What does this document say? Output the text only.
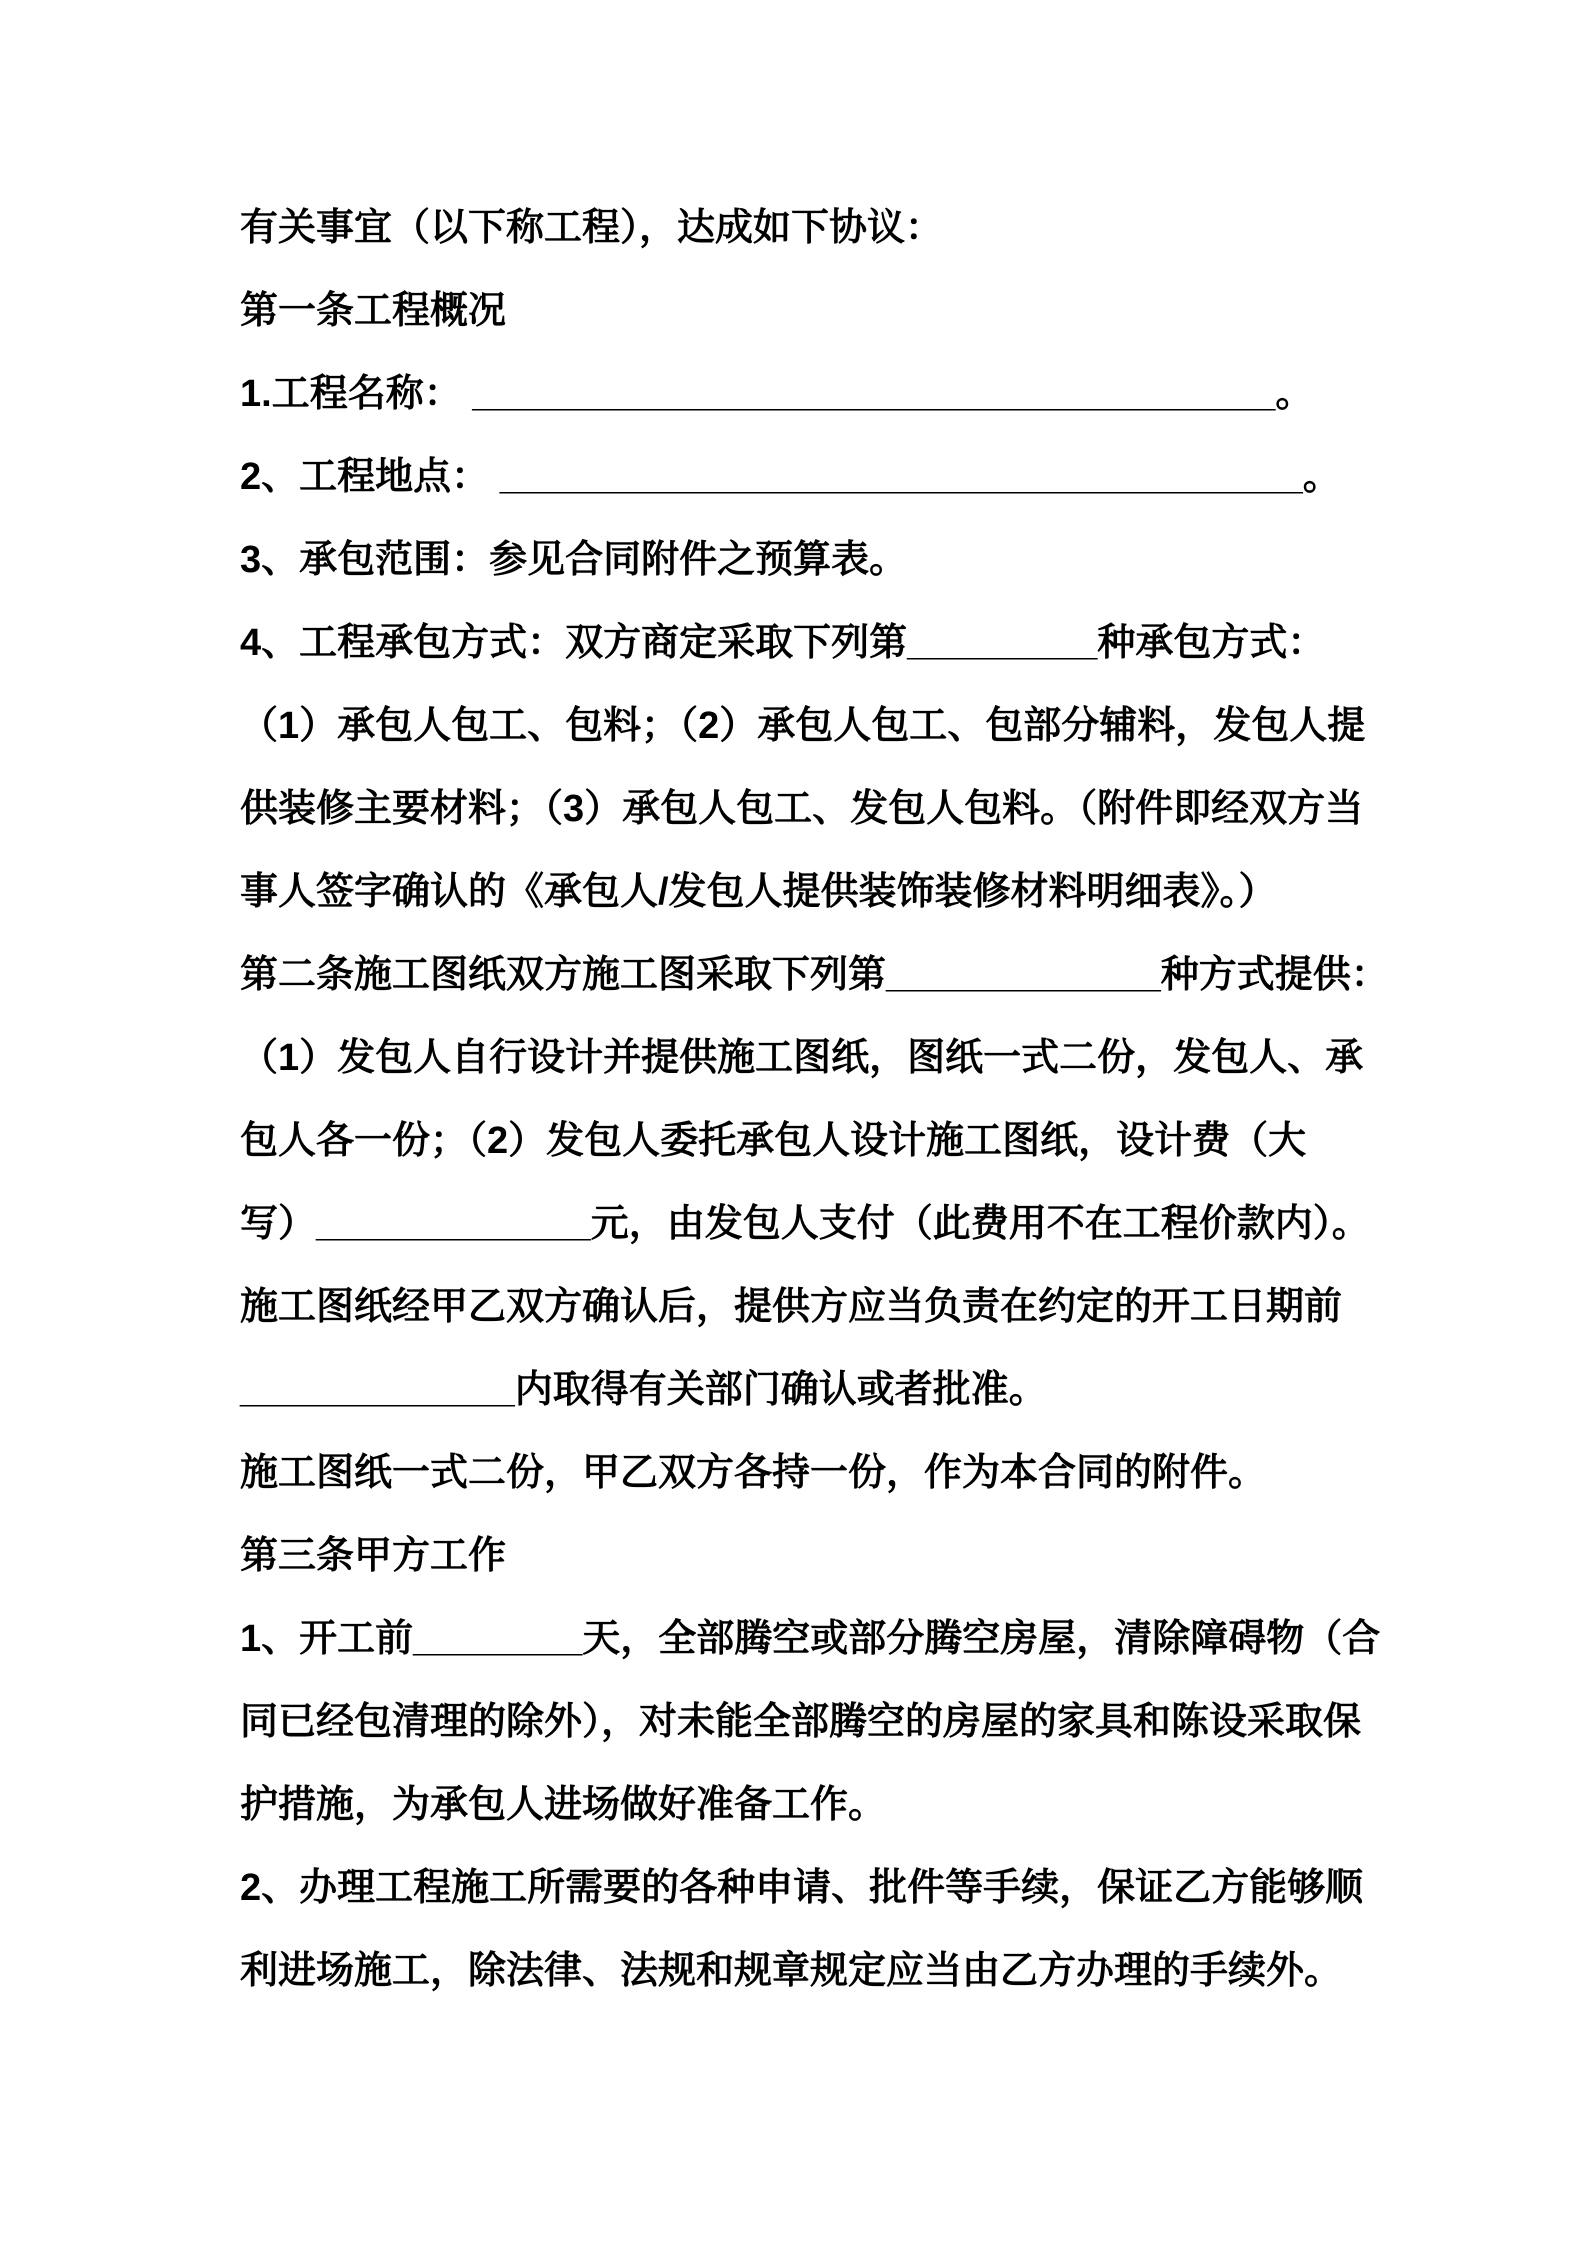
有关事宜（以下称工程），达成如下协议：
第一条工程概况
1.工程名称： ______________________________________。
2、工程地点： ______________________________________。
3、承包范围：参见合同附件之预算表。
4、工程承包方式：双方商定采取下列第_________种承包方式：
（1）承包人包工、包料；（2）承包人包工、包部分辅料，发包人提
供装修主要材料；（3）承包人包工、发包人包料。（附件即经双方当
事人签字确认的《承包人/发包人提供装饰装修材料明细表》。）
第二条施工图纸双方施工图采取下列第_____________种方式提供：
（1）发包人自行设计并提供施工图纸，图纸一式二份，发包人、承
包人各一份；（2）发包人委托承包人设计施工图纸，设计费（大
写）_____________元，由发包人支付（此费用不在工程价款内）。
施工图纸经甲乙双方确认后，提供方应当负责在约定的开工日期前
_____________内取得有关部门确认或者批准。
施工图纸一式二份，甲乙双方各持一份，作为本合同的附件。
第三条甲方工作
1、开工前________天，全部腾空或部分腾空房屋，清除障碍物（合
同已经包清理的除外），对未能全部腾空的房屋的家具和陈设采取保
护措施，为承包人进场做好准备工作。
2、办理工程施工所需要的各种申请、批件等手续，保证乙方能够顺
利进场施工，除法律、法规和规章规定应当由乙方办理的手续外。
